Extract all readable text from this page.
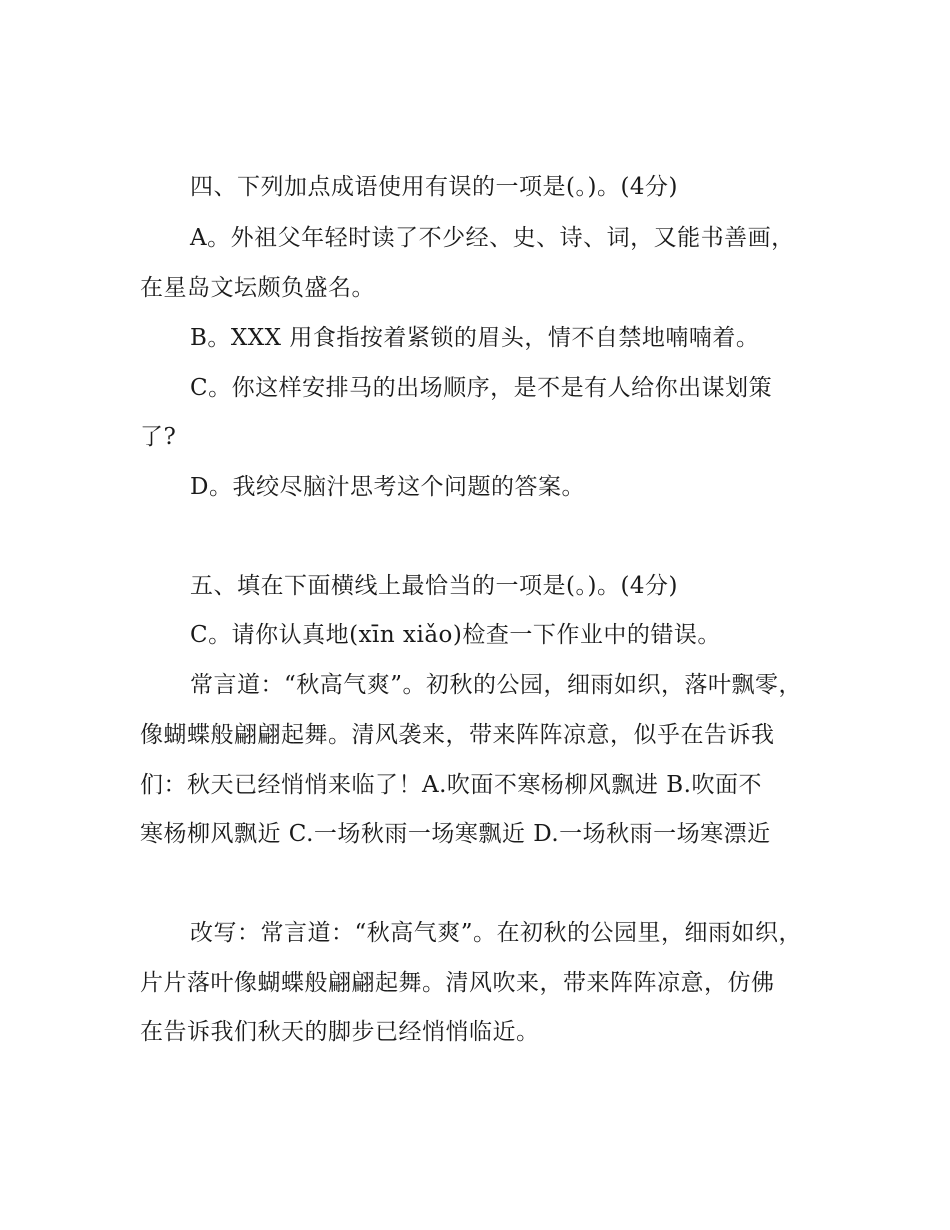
四、下列加点成语使用有误的一项是(。)。(4分)
A。外祖父年轻时读了不少经、史、诗、词，又能书善画，
在星岛文坛颇负盛名。
B。XXX 用食指按着紧锁的眉头，情不自禁地喃喃着。
C。你这样安排马的出场顺序，是不是有人给你出谋划策
了?
D。我绞尽脑汁思考这个问题的答案。
五、填在下面横线上最恰当的一项是(。)。(4分)
C。请你认真地(xīn xiǎo)检查一下作业中的错误。
常言道：“秋高气爽”。初秋的公园，细雨如织，落叶飘零，
像蝴蝶般翩翩起舞。清风袭来，带来阵阵凉意，似乎在告诉我
们：秋天已经悄悄来临了！A.吹面不寒杨柳风飘进 B.吹面不
寒杨柳风飘近 C.一场秋雨一场寒飘近 D.一场秋雨一场寒漂近
改写：常言道：“秋高气爽”。在初秋的公园里，细雨如织，
片片落叶像蝴蝶般翩翩起舞。清风吹来，带来阵阵凉意，仿佛
在告诉我们秋天的脚步已经悄悄临近。
